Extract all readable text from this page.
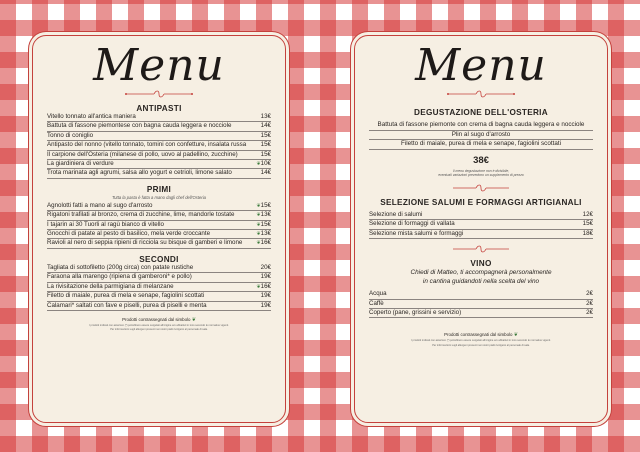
Menu
ANTIPASTI
Vitello tonnato all'antica maniera	13€
Battuta di fassone piemontese con bagna cauda leggera e nocciole	14€
Tonno di coniglio	15€
Antipasto del nonno (vitello tonnato, tomini con confetture, insalata russa	15€
Il carpione dell'Osteria (milanese di pollo, uovo al padellino, zucchine)	15€
La giardiniera di verdure	❦ 10€
Trota marinata agli agrumi, salsa allo yogurt e cetrioli, limone salato	14€
PRIMI
Tutta la pasta è fatta a mano dagli chef dell'Osteria
Agnolotti fatti a mano al sugo d'arrosto	❦ 15€
Rigatoni trafilati al bronzo, crema di zucchine, lime, mandorle tostate	❦ 13€
I tajarin ai 30 Tuorli al ragù bianco di vitello	❦ 15€
Gnocchi di patate al pesto di basilico, mela verde croccante	❦ 13€
Ravioli al nero di seppia ripieni di ricciola su bisque di gamberi e limone	❦ 16€
SECONDI
Tagliata di sottofiletto (200g circa) con patate rustiche	20€
Faraona alla marengo (ripiena di gamberoni* e pollo)	19€
La rivisitazione della parmigiana di melanzane	❦ 16€
Filetto di maiale, purea di mela e senape, fagiolini scottati	19€
Calamari* saltati con fave e piselli, purea di piselli e menta	19€
Prodotti contrassegnati dal simbolo ❦
I prodotti indicati con asterisco (*) potrebbero essere surgelati all'origine e/o abbattuti in loco secondo le normative vigenti.
Per informazioni sugli allergeni presenti nei nostri piatti rivolgersi al personale di sala.
Menu
DEGUSTAZIONE DELL'OSTERIA
Battuta di fassone piemonte con crema di bagna cauda leggera e nocciole
Plin al sugo d'arrosto
Filetto di maiale, purea di mela e senape, fagiolini scottati
38€
Il menu degustazione non è divisibile,
eventuali variazioni prevedono un supplemento di prezzo
SELEZIONE SALUMI E FORMAGGI ARTIGIANALI
Selezione di salumi	12€
Selezione di formaggi di vallata	15€
Selezione mista salumi e formaggi	18€
VINO
Chiedi di Matteo, ti accompagnerà personalmente
in cantina guidandoti nella scelta del vino
Acqua	2€
Caffè	2€
Coperto (pane, grissini e servizio)	2€
Prodotti contrassegnati dal simbolo ❦
I prodotti indicati con asterisco (*) potrebbero essere surgelati all'origine e/o abbattuti in loco secondo le normative vigenti.
Per informazioni sugli allergeni presenti nei nostri piatti rivolgersi al personale di sala.
